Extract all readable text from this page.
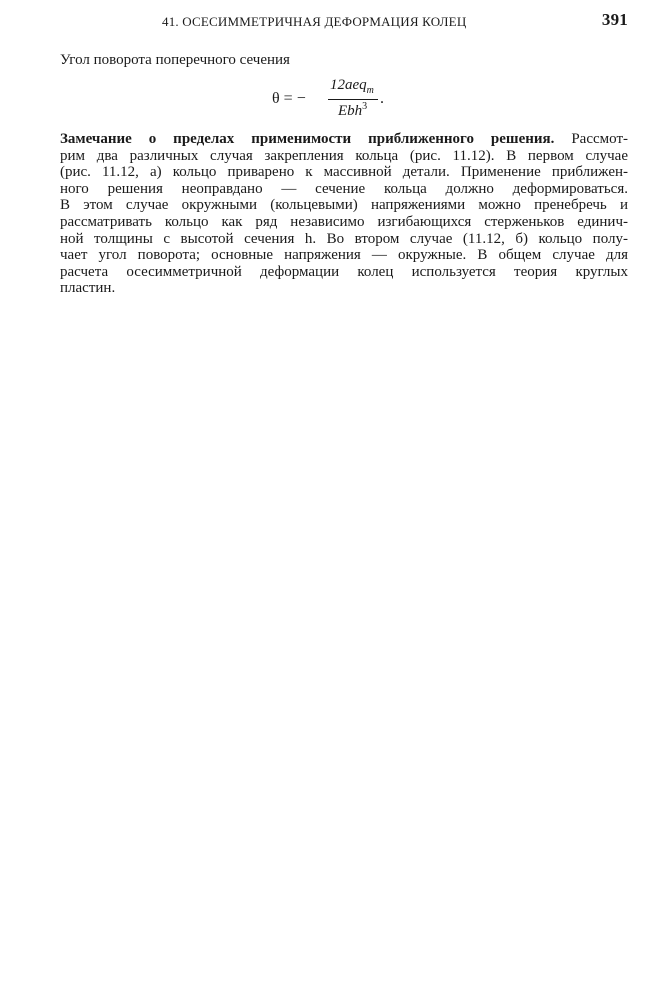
41. ОСЕСИММЕТРИЧНАЯ ДЕФОРМАЦИЯ КОЛЕЦ	391
Угол поворота поперечного сечения
θ = −
12aeq$_т$
Ebh$^3$ .
Замечание о пределах применимости приближенного решения. Рассмот-
рим два различных случая закрепления кольца (рис. 11.12). В первом случае
(рис. 11.12, а) кольцо приварено к массивной детали. Применение приближен-
ного решения неоправдано — сечение кольца должно деформироваться.
В этом случае окружными (кольцевыми) напряжениями можно пренебречь и
рассматривать кольцо как ряд независимо изгибающихся стерженьков единич-
ной толщины с высотой сечения h. Во втором случае (11.12, б) кольцо полу-
чает угол поворота; основные напряжения — окружные. В общем случае для
расчета осесимметричной деформации колец используется теория круглых
пластин.
